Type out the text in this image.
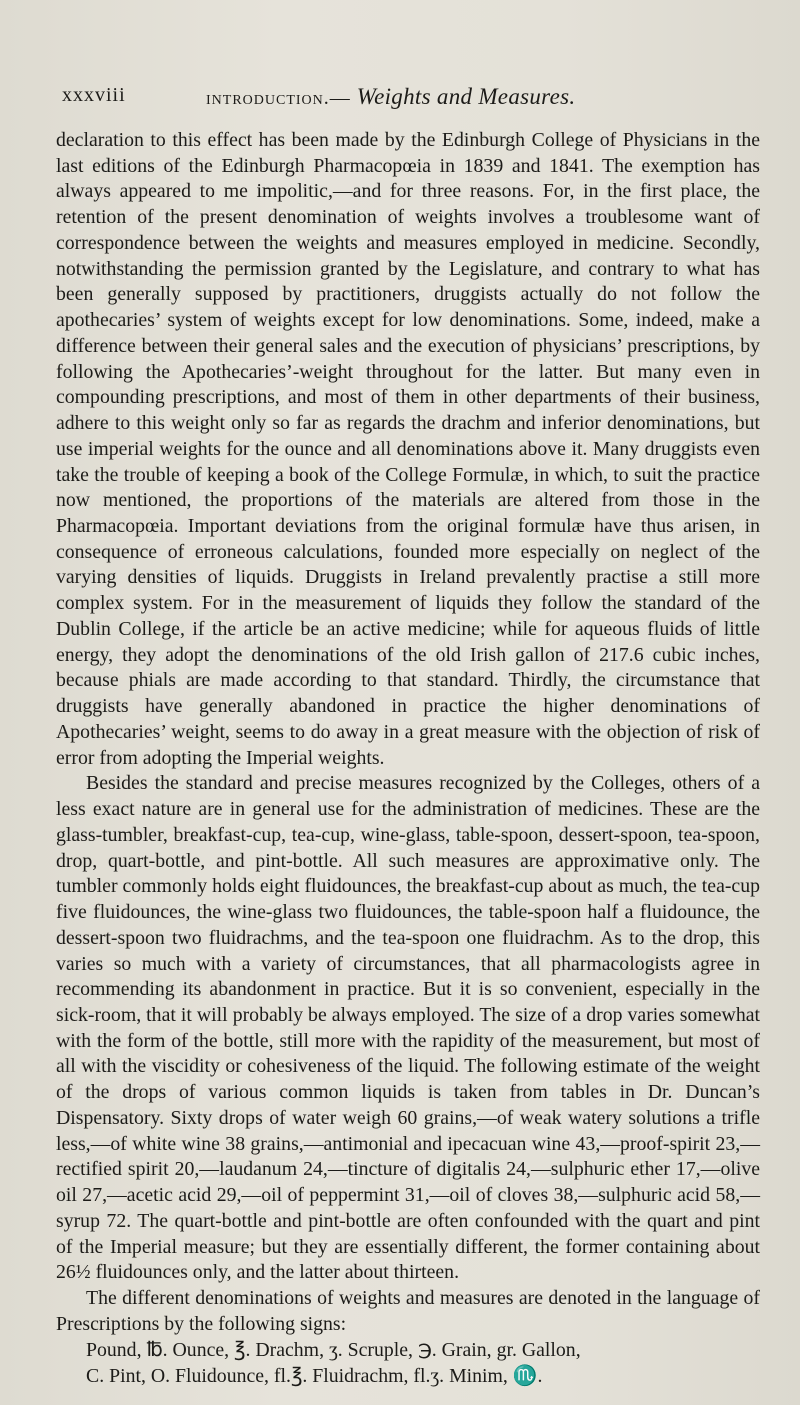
xxxviii	introduction.— Weights and Measures.

declaration to this effect has been made by the Edinburgh College of Physicians in the last editions of the Edinburgh Pharmacopœia in 1839 and 1841. The exemption has always appeared to me impolitic,—and for three reasons. For, in the first place, the retention of the present denomination of weights involves a troublesome want of correspondence between the weights and measures employed in medicine. Secondly, notwithstanding the permission granted by the Legislature, and contrary to what has been generally supposed by practitioners, druggists actually do not follow the apothecaries’ system of weights except for low denominations. Some, indeed, make a difference between their general sales and the execution of physicians’ prescriptions, by following the Apothecaries’-weight throughout for the latter. But many even in compounding prescriptions, and most of them in other departments of their business, adhere to this weight only so far as regards the drachm and inferior denominations, but use imperial weights for the ounce and all denominations above it. Many druggists even take the trouble of keeping a book of the College Formulæ, in which, to suit the practice now mentioned, the proportions of the materials are altered from those in the Pharmacopœia. Important deviations from the original formulæ have thus arisen, in consequence of erroneous calculations, founded more especially on neglect of the varying densities of liquids. Druggists in Ireland prevalently practise a still more complex system. For in the measurement of liquids they follow the standard of the Dublin College, if the article be an active medicine; while for aqueous fluids of little energy, they adopt the denominations of the old Irish gallon of 217.6 cubic inches, because phials are made according to that standard. Thirdly, the circumstance that druggists have generally abandoned in practice the higher denominations of Apothecaries’ weight, seems to do away in a great measure with the objection of risk of error from adopting the Imperial weights.

Besides the standard and precise measures recognized by the Colleges, others of a less exact nature are in general use for the administration of medicines. These are the glass-tumbler, breakfast-cup, tea-cup, wine-glass, table-spoon, dessert-spoon, tea-spoon, drop, quart-bottle, and pint-bottle. All such measures are approximative only. The tumbler commonly holds eight fluidounces, the breakfast-cup about as much, the tea-cup five fluidounces, the wine-glass two fluidounces, the table-spoon half a fluidounce, the dessert-spoon two fluidrachms, and the tea-spoon one fluidrachm. As to the drop, this varies so much with a variety of circumstances, that all pharmacologists agree in recommending its abandonment in practice. But it is so convenient, especially in the sick-room, that it will probably be always employed. The size of a drop varies somewhat with the form of the bottle, still more with the rapidity of the measurement, but most of all with the viscidity or cohesiveness of the liquid. The following estimate of the weight of the drops of various common liquids is taken from tables in Dr. Duncan’s Dispensatory. Sixty drops of water weigh 60 grains,—of weak watery solutions a trifle less,—of white wine 38 grains,—antimonial and ipecacuan wine 43,—proof-spirit 23,—rectified spirit 20,—laudanum 24,—tincture of digitalis 24,—sulphuric ether 17,—olive oil 27,—acetic acid 29,—oil of peppermint 31,—oil of cloves 38,—sulphuric acid 58,—syrup 72. The quart-bottle and pint-bottle are often confounded with the quart and pint of the Imperial measure; but they are essentially different, the former containing about 26½ fluidounces only, and the latter about thirteen.

The different denominations of weights and measures are denoted in the language of Prescriptions by the following signs:

Pound, ℔. Ounce, ℥. Drachm, ʒ. Scruple, ℈. Grain, gr. Gallon,
C. Pint, O. Fluidounce, fl.℥. Fluidrachm, fl.ʒ. Minim, ♏.
